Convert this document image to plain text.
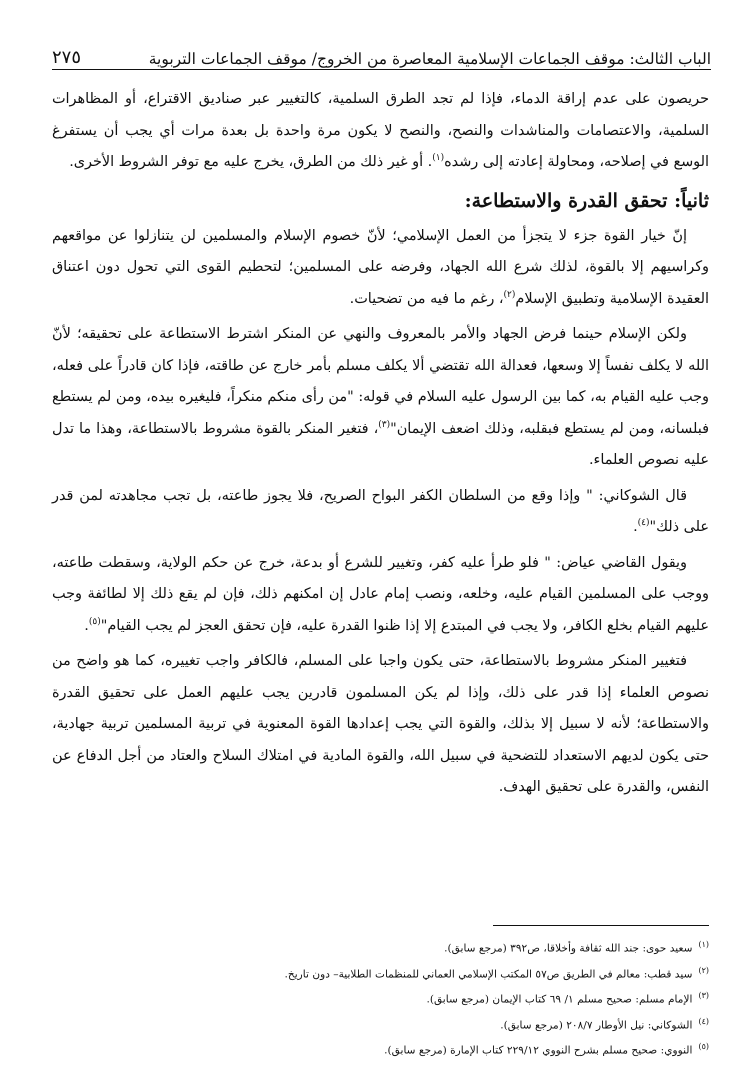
الباب الثالث: موقف الجماعات الإسلامية المعاصرة من الخروج/ موقف الجماعات التربوية
٢٧٥

حريصون على عدم إراقة الدماء، فإذا لم تجد الطرق السلمية، كالتغيير عبر صناديق الاقتراع، أو المظاهرات السلمية، والاعتصامات والمناشدات والنصح، والنصح لا يكون مرة واحدة بل بعدة مرات أي يجب أن يستفرغ الوسع في إصلاحه، ومحاولة إعادته إلى رشده$^{(١)}$. أو غير ذلك من الطرق، يخرج عليه مع توفر الشروط الأخرى.

ثانياً: تحقق القدرة والاستطاعة:

إنّ خيار القوة جزء لا يتجزأ من العمل الإسلامي؛ لأنّ خصوم الإسلام والمسلمين لن يتنازلوا عن مواقعهم وكراسيهم إلا بالقوة، لذلك شرع الله الجهاد، وفرضه على المسلمين؛ لتحطيم القوى التي تحول دون اعتناق العقيدة الإسلامية وتطبيق الإسلام$^{(٢)}$، رغم ما فيه من تضحيات.

ولكن الإسلام حينما فرض الجهاد والأمر بالمعروف والنهي عن المنكر اشترط الاستطاعة على تحقيقه؛ لأنّ الله لا يكلف نفساً إلا وسعها، فعدالة الله تقتضي ألا يكلف مسلم بأمر خارج عن طاقته، فإذا كان قادراً على فعله، وجب عليه القيام به، كما بين الرسول عليه السلام في قوله: "من رأى منكم منكراً، فليغيره بيده، ومن لم يستطع فبلسانه، ومن لم يستطع فبقلبه، وذلك اضعف الإيمان"$^{(٣)}$، فتغير المنكر بالقوة مشروط بالاستطاعة، وهذا ما تدل عليه نصوص العلماء.

قال الشوكاني: " وإذا وقع من السلطان الكفر البواح الصريح، فلا يجوز طاعته، بل تجب مجاهدته لمن قدر على ذلك"$^{(٤)}$.

ويقول القاضي عياض: " فلو طرأ عليه كفر، وتغيير للشرع أو بدعة، خرج عن حكم الولاية، وسقطت طاعته، ووجب على المسلمين القيام عليه، وخلعه، ونصب إمام عادل إن امكنهم ذلك، فإن لم يقع ذلك إلا لطائفة وجب عليهم القيام بخلع الكافر، ولا يجب في المبتدع إلا إذا ظنوا القدرة عليه، فإن تحقق العجز لم يجب القيام"$^{(٥)}$.

فتغيير المنكر مشروط بالاستطاعة، حتى يكون واجبا على المسلم، فالكافر واجب تغييره، كما هو واضح من نصوص العلماء إذا قدر على ذلك، وإذا لم يكن المسلمون قادرين يجب عليهم العمل على تحقيق القدرة والاستطاعة؛ لأنه لا سبيل إلا بذلك، والقوة التي يجب إعدادها القوة المعنوية في تربية المسلمين تربية جهادية، حتى يكون لديهم الاستعداد للتضحية في سبيل الله، والقوة المادية في امتلاك السلاح والعتاد من أجل الدفاع عن النفس، والقدرة على تحقيق الهدف.

$^{(١)}$سعيد حوى: جند الله ثقافة وأخلاقا، ص٣٩٢ (مرجع سابق).
$^{(٢)}$سيد قطب: معالم في الطريق ص٥٧ المكتب الإسلامي العماني للمنظمات الطلابية– دون تاريخ.
$^{(٣)}$الإمام مسلم: صحيح مسلم ١/ ٦٩ كتاب الإيمان (مرجع سابق).
$^{(٤)}$الشوكاني: نيل الأوطار ٢٠٨/٧ (مرجع سابق).
$^{(٥)}$النووي: صحيح مسلم بشرح النووي ٢٢٩/١٢ كتاب الإمارة (مرجع سابق).
